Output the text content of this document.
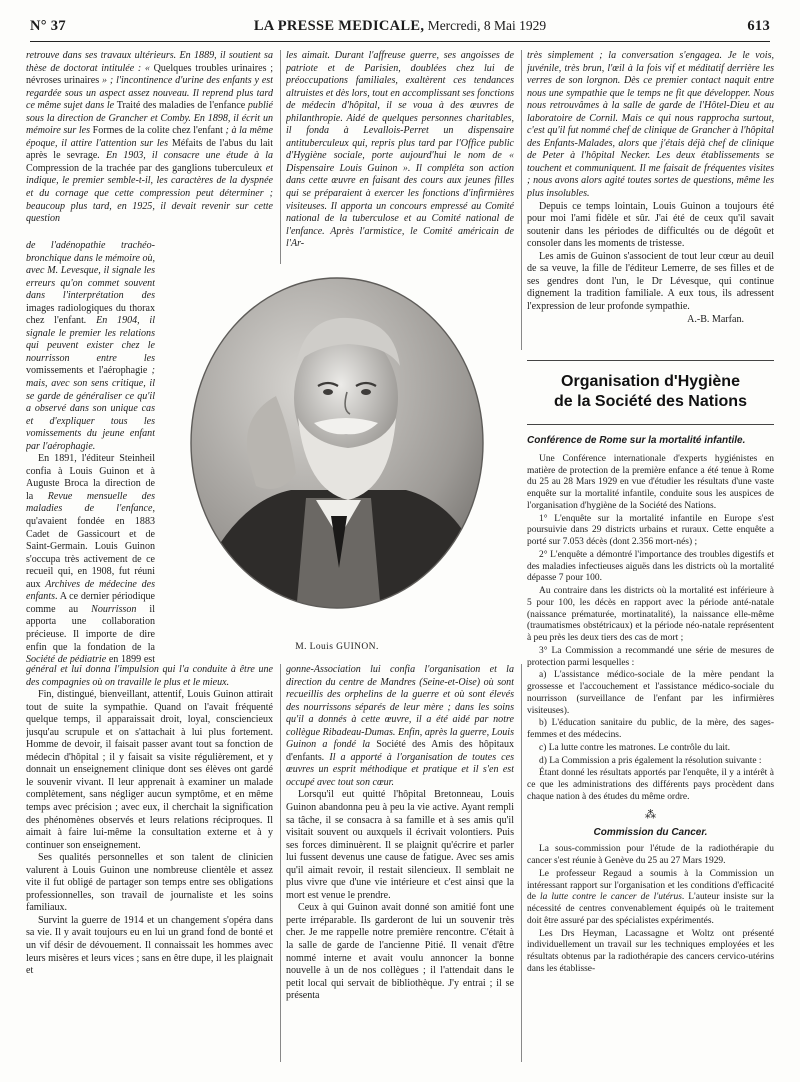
N° 37	LA PRESSE MEDICALE, Mercredi, 8 Mai 1929	613

retrouve dans ses travaux ultérieurs. En 1889, il soutient sa thèse de doctorat intitulée : « Quelques troubles urinaires ; névroses urinaires » ; l'incontinence d'urine des enfants y est regardée sous un aspect assez nouveau. Il reprend plus tard ce même sujet dans le Traité des maladies de l'enfance publié sous la direction de Grancher et Comby. En 1898, il écrit un mémoire sur les Formes de la colite chez l'enfant ; à la même époque, il attire l'attention sur les Méfaits de l'abus du lait après le sevrage. En 1903, il consacre une étude à la Compression de la trachée par des ganglions tuberculeux et indique, le premier semble-t-il, les caractères de la dyspnée et du cornage que cette compression peut déterminer ; beaucoup plus tard, en 1925, il devait revenir sur cette question

de l'adénopathie trachéo-bronchique dans le mémoire où, avec M. Levesque, il signale les erreurs qu'on commet souvent dans l'interprétation des images radiologiques du thorax chez l'enfant. En 1904, il signale le premier les relations qui peuvent exister chez le nourrisson entre les vomissements et l'aérophagie ; mais, avec son sens critique, il se garde de généraliser ce qu'il a observé dans son unique cas et d'expliquer tous les vomissements du jeune enfant par l'aérophagie.

En 1891, l'éditeur Steinheil confia à Louis Guinon et à Auguste Broca la direction de la Revue mensuelle des maladies de l'enfance, qu'avaient fondée en 1883 Cadet de Gassicourt et de Saint-Germain. Louis Guinon s'occupa très activement de ce recueil qui, en 1908, fut réuni aux Archives de médecine des enfants. A ce dernier périodique comme au Nourrisson il apporta une collaboration précieuse. Il importe de dire enfin que la fondation de la Société de pédiatrie en 1899 est

général et lui donna l'impulsion qui l'a conduite à être une des compagnies où on travaille le plus et le mieux.

Fin, distingué, bienveillant, attentif, Louis Guinon attirait tout de suite la sympathie. Quand on l'avait fréquenté quelque temps, il apparaissait droit, loyal, consciencieux jusqu'au scrupule et on s'attachait à lui plus fortement. Homme de devoir, il faisait passer avant tout sa fonction de médecin d'hôpital ; il y faisait sa visite régulièrement, et y donnait un enseignement clinique dont ses élèves ont gardé le souvenir vivant. Il leur apprenait à examiner un malade complètement, sans négliger aucun symptôme, et en même temps avec précision ; avec eux, il cherchait la signification des phénomènes observés et leurs relations réciproques. Il aimait à faire lui-même la consultation externe et à y continuer son enseignement.

Ses qualités personnelles et son talent de clinicien valurent à Louis Guinon une nombreuse clientèle et assez vite il fut obligé de partager son temps entre ses obligations professionnelles, son travail de journaliste et les soins familiaux.

Survint la guerre de 1914 et un changement s'opéra dans sa vie. Il y avait toujours eu en lui un grand fond de bonté et un vif désir de dévouement. Il connaissait les hommes avec leurs misères et leurs vices ; sans en être dupe, il les plaignait et

les aimait. Durant l'affreuse guerre, ses angoisses de patriote et de Parisien, doublées chez lui de préoccupations familiales, exaltèrent ces tendances altruistes et dès lors, tout en accomplissant ses fonctions de médecin d'hôpital, il se voua à des œuvres de philanthropie. Aidé de quelques personnes charitables, il fonda à Levallois-Perret un dispensaire antituberculeux qui, repris plus tard par l'Office public d'Hygiène sociale, porte aujourd'hui le nom de « Dispensaire Louis Guinon ». Il compléta son action dans cette œuvre en faisant des cours aux jeunes filles qui se préparaient à exercer les fonctions d'infirmières visiteuses. Il apporta un concours empressé au Comité national de la tuberculose et au Comité national de l'enfance. Après l'armistice, le Comité américain de l'Ar-

M. Louis GUINON.

gonne-Association lui confia l'organisation et la direction du centre de Mandres (Seine-et-Oise) où sont recueillis des orphelins de la guerre et où sont élevés des nourrissons séparés de leur mère ; dans les soins qu'il a donnés à cette œuvre, il a été aidé par notre collègue Ribadeau-Dumas. Enfin, après la guerre, Louis Guinon a fondé la Société des Amis des hôpitaux d'enfants. Il a apporté à l'organisation de toutes ces œuvres un esprit méthodique et pratique et il s'en est occupé avec tout son cœur.

Lorsqu'il eut quitté l'hôpital Bretonneau, Louis Guinon abandonna peu à peu la vie active. Ayant rempli sa tâche, il se consacra à sa famille et à ses amis qu'il visitait souvent ou auxquels il écrivait volontiers. Puis ses forces diminuèrent. Il se plaignit qu'écrire et parler lui fussent devenus une cause de fatigue. Avec ses amis qu'il aimait revoir, il restait silencieux. Il semblait ne plus vivre que d'une vie intérieure et c'est ainsi que la mort est venue le prendre.

Ceux à qui Guinon avait donné son amitié font une perte irréparable. Ils garderont de lui un souvenir très cher. Je me rappelle notre première rencontre. C'était à la salle de garde de l'ancienne Pitié. Il venait d'être nommé interne et avait voulu annoncer la bonne nouvelle à un de nos collègues ; il l'attendait dans le petit local qui servait de bibliothèque. J'y entrai ; il se présenta

très simplement ; la conversation s'engagea. Je le vois, juvénile, très brun, l'œil à la fois vif et méditatif derrière les verres de son lorgnon. Dès ce premier contact naquit entre nous une sympathie que le temps ne fit que développer. Nous nous retrouvâmes à la salle de garde de l'Hôtel-Dieu et au laboratoire de Cornil. Mais ce qui nous rapprocha surtout, c'est qu'il fut nommé chef de clinique de Grancher à l'hôpital des Enfants-Malades, alors que j'étais déjà chef de clinique de Peter à l'hôpital Necker. Les deux établissements se touchent et communiquent. Il me faisait de fréquentes visites ; nous avons alors agité toutes sortes de questions, même les plus insolubles.

Depuis ce temps lointain, Louis Guinon a toujours été pour moi l'ami fidèle et sûr. J'ai été de ceux qu'il savait soutenir dans les périodes de difficultés ou de dégoût et consoler dans les moments de tristesse.

Les amis de Guinon s'associent de tout leur cœur au deuil de sa veuve, la fille de l'éditeur Lemerre, de ses filles et de ses gendres dont l'un, le Dr Lévesque, qui continue dignement la tradition familiale. A eux tous, ils adressent l'expression de leur profonde sympathie.

A.-B. Marfan.

Organisation d'Hygiène
de la Société des Nations

Conférence de Rome sur la mortalité infantile.

Une Conférence internationale d'experts hygiénistes en matière de protection de la première enfance a été tenue à Rome du 25 au 28 Mars 1929 en vue d'étudier les résultats d'une vaste enquête sur la mortalité infantile, conduite sous les auspices de l'organisation d'hygiène de la Société des Nations.

1° L'enquête sur la mortalité infantile en Europe s'est poursuivie dans 29 districts urbains et ruraux. Cette enquête a porté sur 7.053 décès (dont 2.356 mort-nés) ;

2° L'enquête a démontré l'importance des troubles digestifs et des maladies infectieuses aiguës dans les districts où la mortalité dépasse 7 pour 100.

Au contraire dans les districts où la mortalité est inférieure à 5 pour 100, les décès en rapport avec la période anté-natale (naissance prématurée, mortinatalité), la naissance elle-même (traumatismes obstétricaux) et la période néo-natale représentent à peu près les deux tiers des cas de mort ;

3° La Commission a recommandé une série de mesures de protection parmi lesquelles :

a) L'assistance médico-sociale de la mère pendant la grossesse et l'accouchement et l'assistance médico-sociale du nourrisson (surveillance de l'enfant par les infirmières visiteuses).

b) L'éducation sanitaire du public, de la mère, des sages-femmes et des médecins.

c) La lutte contre les matrones. Le contrôle du lait.

d) La Commission a pris également la résolution suivante :

Étant donné les résultats apportés par l'enquête, il y a intérêt à ce que les administrations des différents pays procèdent dans chaque nation à des études du même ordre.

⁂

Commission du Cancer.

La sous-commission pour l'étude de la radiothérapie du cancer s'est réunie à Genève du 25 au 27 Mars 1929.

Le professeur Regaud a soumis à la Commission un intéressant rapport sur l'organisation et les conditions d'efficacité de la lutte contre le cancer de l'utérus. L'auteur insiste sur la nécessité de centres convenablement équipés où le traitement doit être assuré par des spécialistes expérimentés.

Les Drs Heyman, Lacassagne et Woltz ont présenté individuellement un travail sur les techniques employées et les résultats obtenus par la radiothérapie des cancers cervico-utérins dans les établisse-
